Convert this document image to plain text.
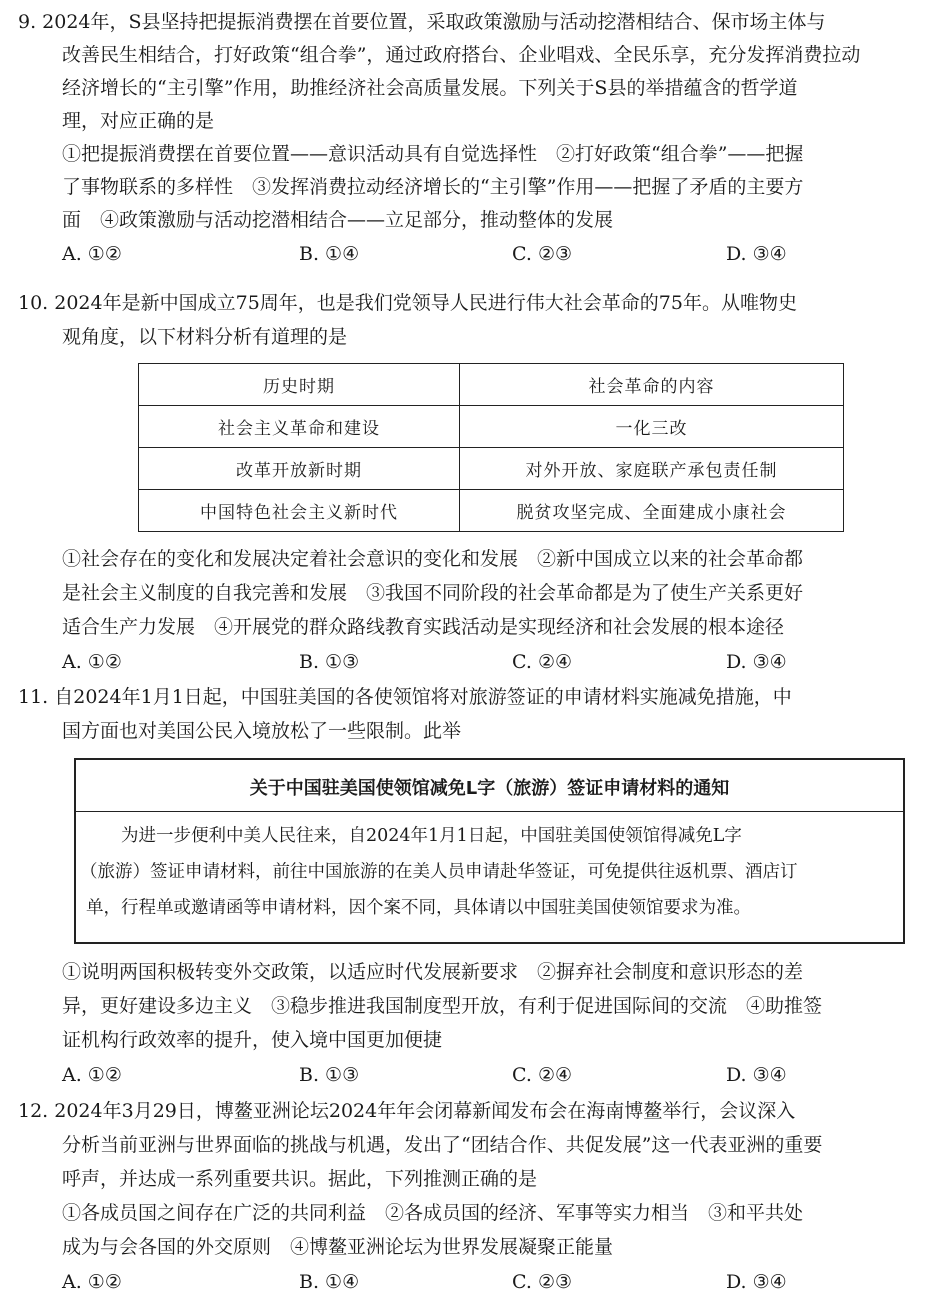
9. 2024年，S县坚持把提振消费摆在首要位置，采取政策激励与活动挖潜相结合、保市场主体与
改善民生相结合，打好政策“组合拳”，通过政府搭台、企业唱戏、全民乐享，充分发挥消费拉动
经济增长的“主引擎”作用，助推经济社会高质量发展。下列关于S县的举措蕴含的哲学道
理，对应正确的是
①把提振消费摆在首要位置——意识活动具有自觉选择性　②打好政策“组合拳”——把握
了事物联系的多样性　③发挥消费拉动经济增长的“主引擎”作用——把握了矛盾的主要方
面　④政策激励与活动挖潜相结合——立足部分，推动整体的发展
A. ①②	B. ①④	C. ②③	D. ③④
10. 2024年是新中国成立75周年，也是我们党领导人民进行伟大社会革命的75年。从唯物史
观角度，以下材料分析有道理的是
历史时期	社会革命的内容
社会主义革命和建设	一化三改
改革开放新时期	对外开放、家庭联产承包责任制
中国特色社会主义新时代	脱贫攻坚完成、全面建成小康社会
①社会存在的变化和发展决定着社会意识的变化和发展　②新中国成立以来的社会革命都
是社会主义制度的自我完善和发展　③我国不同阶段的社会革命都是为了使生产关系更好
适合生产力发展　④开展党的群众路线教育实践活动是实现经济和社会发展的根本途径
A. ①②	B. ①③	C. ②④	D. ③④
11. 自2024年1月1日起，中国驻美国的各使领馆将对旅游签证的申请材料实施减免措施，中
国方面也对美国公民入境放松了一些限制。此举
关于中国驻美国使领馆减免L字（旅游）签证申请材料的通知
　　为进一步便利中美人民往来，自2024年1月1日起，中国驻美国使领馆得减免L字
（旅游）签证申请材料，前往中国旅游的在美人员申请赴华签证，可免提供往返机票、酒店订
单，行程单或邀请函等申请材料，因个案不同，具体请以中国驻美国使领馆要求为准。
①说明两国积极转变外交政策，以适应时代发展新要求　②摒弃社会制度和意识形态的差
异，更好建设多边主义　③稳步推进我国制度型开放，有利于促进国际间的交流　④助推签
证机构行政效率的提升，使入境中国更加便捷
A. ①②	B. ①③	C. ②④	D. ③④
12. 2024年3月29日，博鳌亚洲论坛2024年年会闭幕新闻发布会在海南博鳌举行，会议深入
分析当前亚洲与世界面临的挑战与机遇，发出了“团结合作、共促发展”这一代表亚洲的重要
呼声，并达成一系列重要共识。据此，下列推测正确的是
①各成员国之间存在广泛的共同利益　②各成员国的经济、军事等实力相当　③和平共处
成为与会各国的外交原则　④博鳌亚洲论坛为世界发展凝聚正能量
A. ①②	B. ①④	C. ②③	D. ③④
